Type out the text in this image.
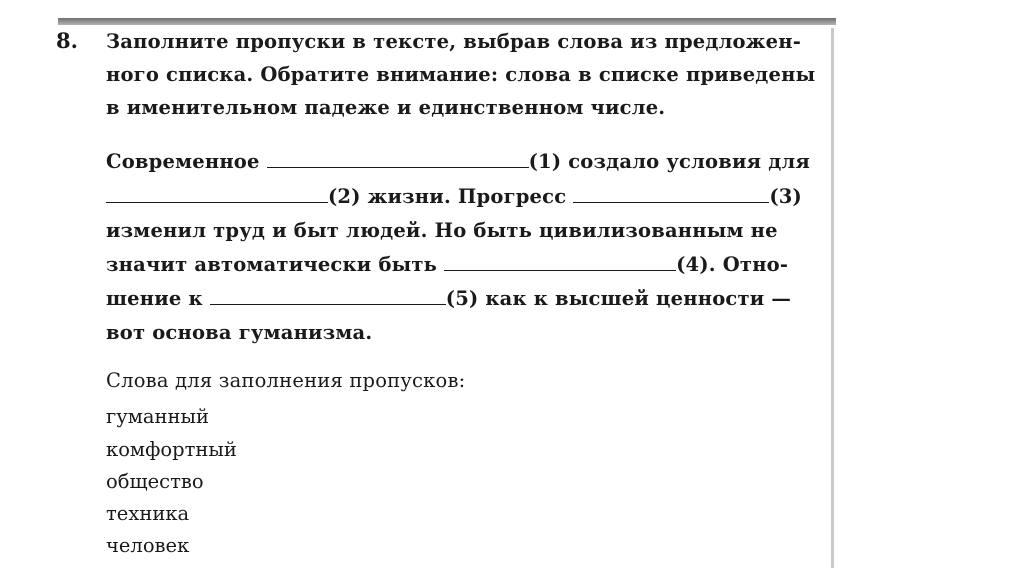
8. Заполните пропуски в тексте, выбрав слова из предложен-
ного списка. Обратите внимание: слова в списке приведены
в именительном падеже и единственном числе.
Современное	(1) создало условия для
(2) жизни. Прогресс	(3)
изменил труд и быт людей. Но быть цивилизованным не
значит автоматически быть	(4). Отно-
шение к	(5) как к высшей ценности —
вот основа гуманизма.
Слова для заполнения пропусков:
гуманный
комфортный
общество
техника
человек
